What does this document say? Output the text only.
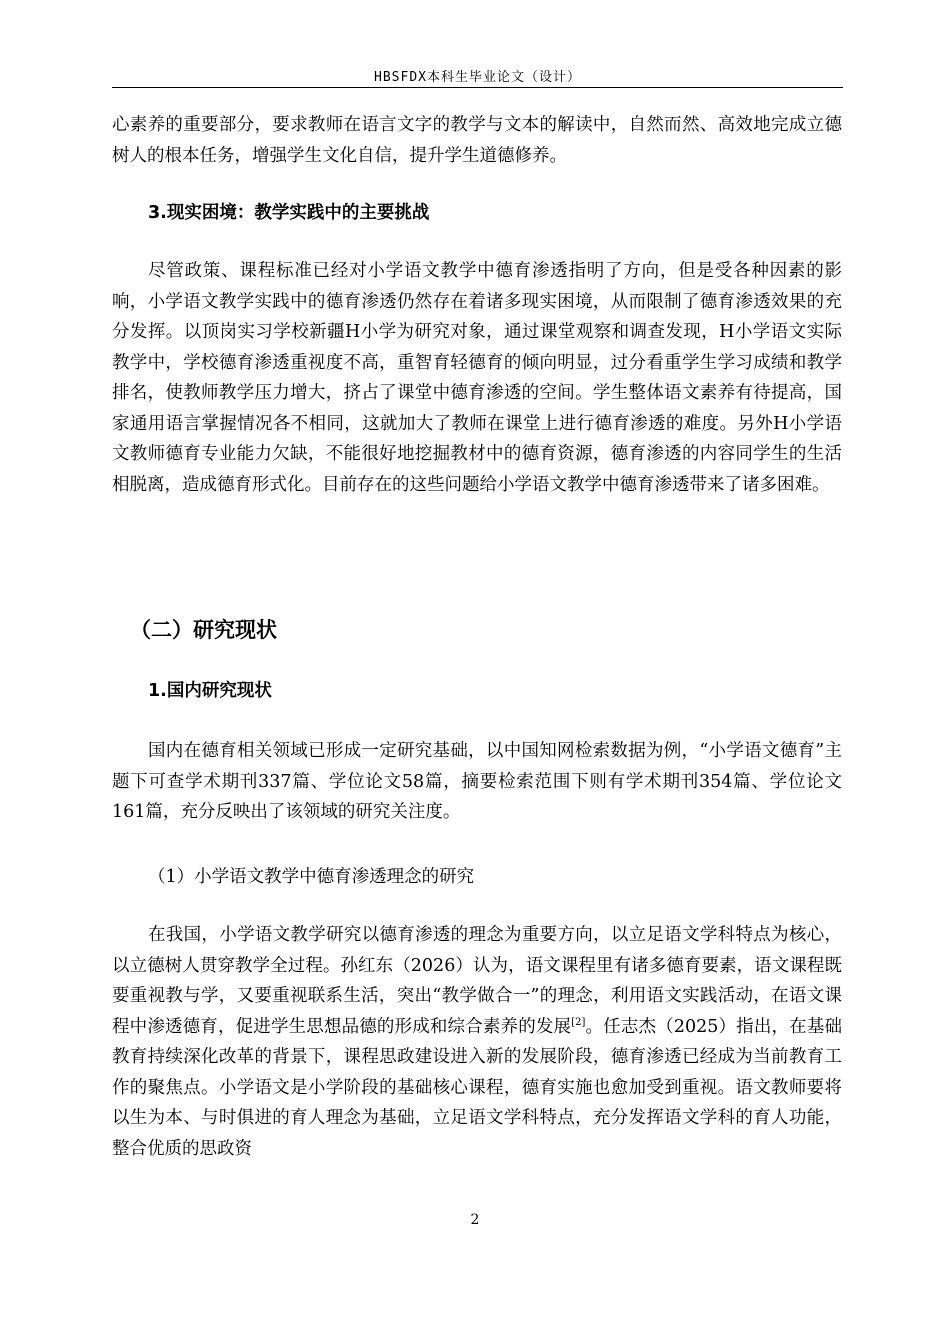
HBSFDX本科生毕业论文（设计）
心素养的重要部分，要求教师在语言文字的教学与文本的解读中，自然而然、高效地完成立德树人的根本任务，增强学生文化自信，提升学生道德修养。
3.现实困境：教学实践中的主要挑战
尽管政策、课程标准已经对小学语文教学中德育渗透指明了方向，但是受各种因素的影响，小学语文教学实践中的德育渗透仍然存在着诸多现实困境，从而限制了德育渗透效果的充分发挥。以顶岗实习学校新疆H小学为研究对象，通过课堂观察和调查发现，H小学语文实际教学中，学校德育渗透重视度不高，重智育轻德育的倾向明显，过分看重学生学习成绩和教学排名，使教师教学压力增大，挤占了课堂中德育渗透的空间。学生整体语文素养有待提高，国家通用语言掌握情况各不相同，这就加大了教师在课堂上进行德育渗透的难度。另外H小学语文教师德育专业能力欠缺，不能很好地挖掘教材中的德育资源，德育渗透的内容同学生的生活相脱离，造成德育形式化。目前存在的这些问题给小学语文教学中德育渗透带来了诸多困难。
（二）研究现状
1.国内研究现状
国内在德育相关领域已形成一定研究基础，以中国知网检索数据为例，“小学语文德育”主题下可查学术期刊337篇、学位论文58篇，摘要检索范围下则有学术期刊354篇、学位论文161篇，充分反映出了该领域的研究关注度。
（1）小学语文教学中德育渗透理念的研究
在我国，小学语文教学研究以德育渗透的理念为重要方向，以立足语文学科特点为核心，以立德树人贯穿教学全过程。孙红东（2026）认为，语文课程里有诸多德育要素，语文课程既要重视教与学，又要重视联系生活，突出“教学做合一”的理念，利用语文实践活动，在语文课程中渗透德育，促进学生思想品德的形成和综合素养的发展[2]。任志杰（2025）指出，在基础教育持续深化改革的背景下，课程思政建设进入新的发展阶段，德育渗透已经成为当前教育工作的聚焦点。小学语文是小学阶段的基础核心课程，德育实施也愈加受到重视。语文教师要将以生为本、与时俱进的育人理念为基础，立足语文学科特点，充分发挥语文学科的育人功能，整合优质的思政资
2
